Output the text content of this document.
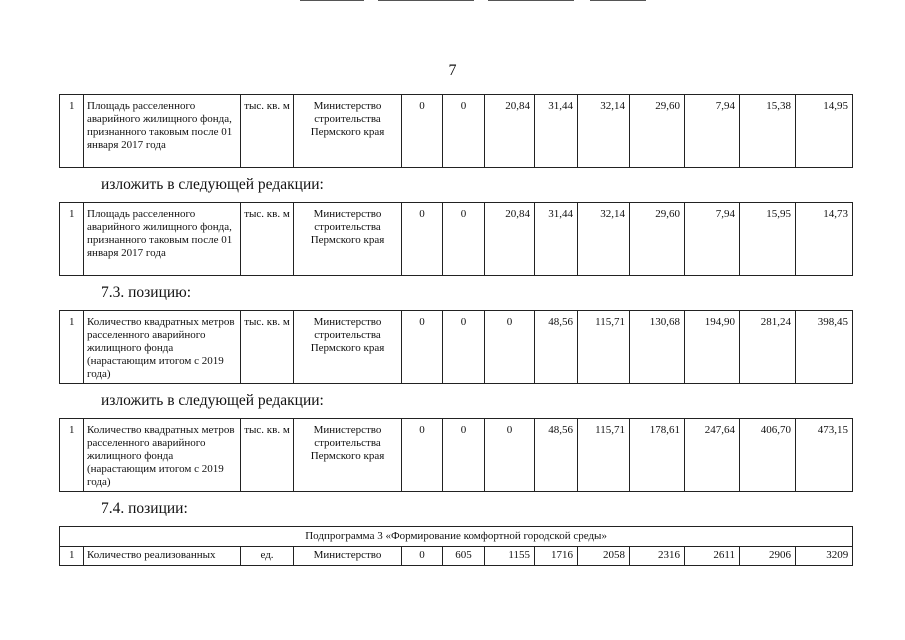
7
1	Площадь расселенного аварийного жилищного фонда, признанного таковым после 01 января 2017 года	тыс. кв. м	Министерство строительства Пермского края	0	0	20,84	31,44	32,14	29,60	7,94	15,38	14,95
изложить в следующей редакции:
1	Площадь расселенного аварийного жилищного фонда, признанного таковым после 01 января 2017 года	тыс. кв. м	Министерство строительства Пермского края	0	0	20,84	31,44	32,14	29,60	7,94	15,95	14,73
7.3. позицию:
1	Количество квадратных метров расселенного аварийного жилищного фонда (нарастающим итогом с 2019 года)	тыс. кв. м	Министерство строительства Пермского края	0	0	0	48,56	115,71	130,68	194,90	281,24	398,45
изложить в следующей редакции:
1	Количество квадратных метров расселенного аварийного жилищного фонда (нарастающим итогом с 2019 года)	тыс. кв. м	Министерство строительства Пермского края	0	0	0	48,56	115,71	178,61	247,64	406,70	473,15
7.4. позиции:
Подпрограмма 3 «Формирование комфортной городской среды»
1	Количество реализованных	ед.	Министерство	0	605	1155	1716	2058	2316	2611	2906	3209
